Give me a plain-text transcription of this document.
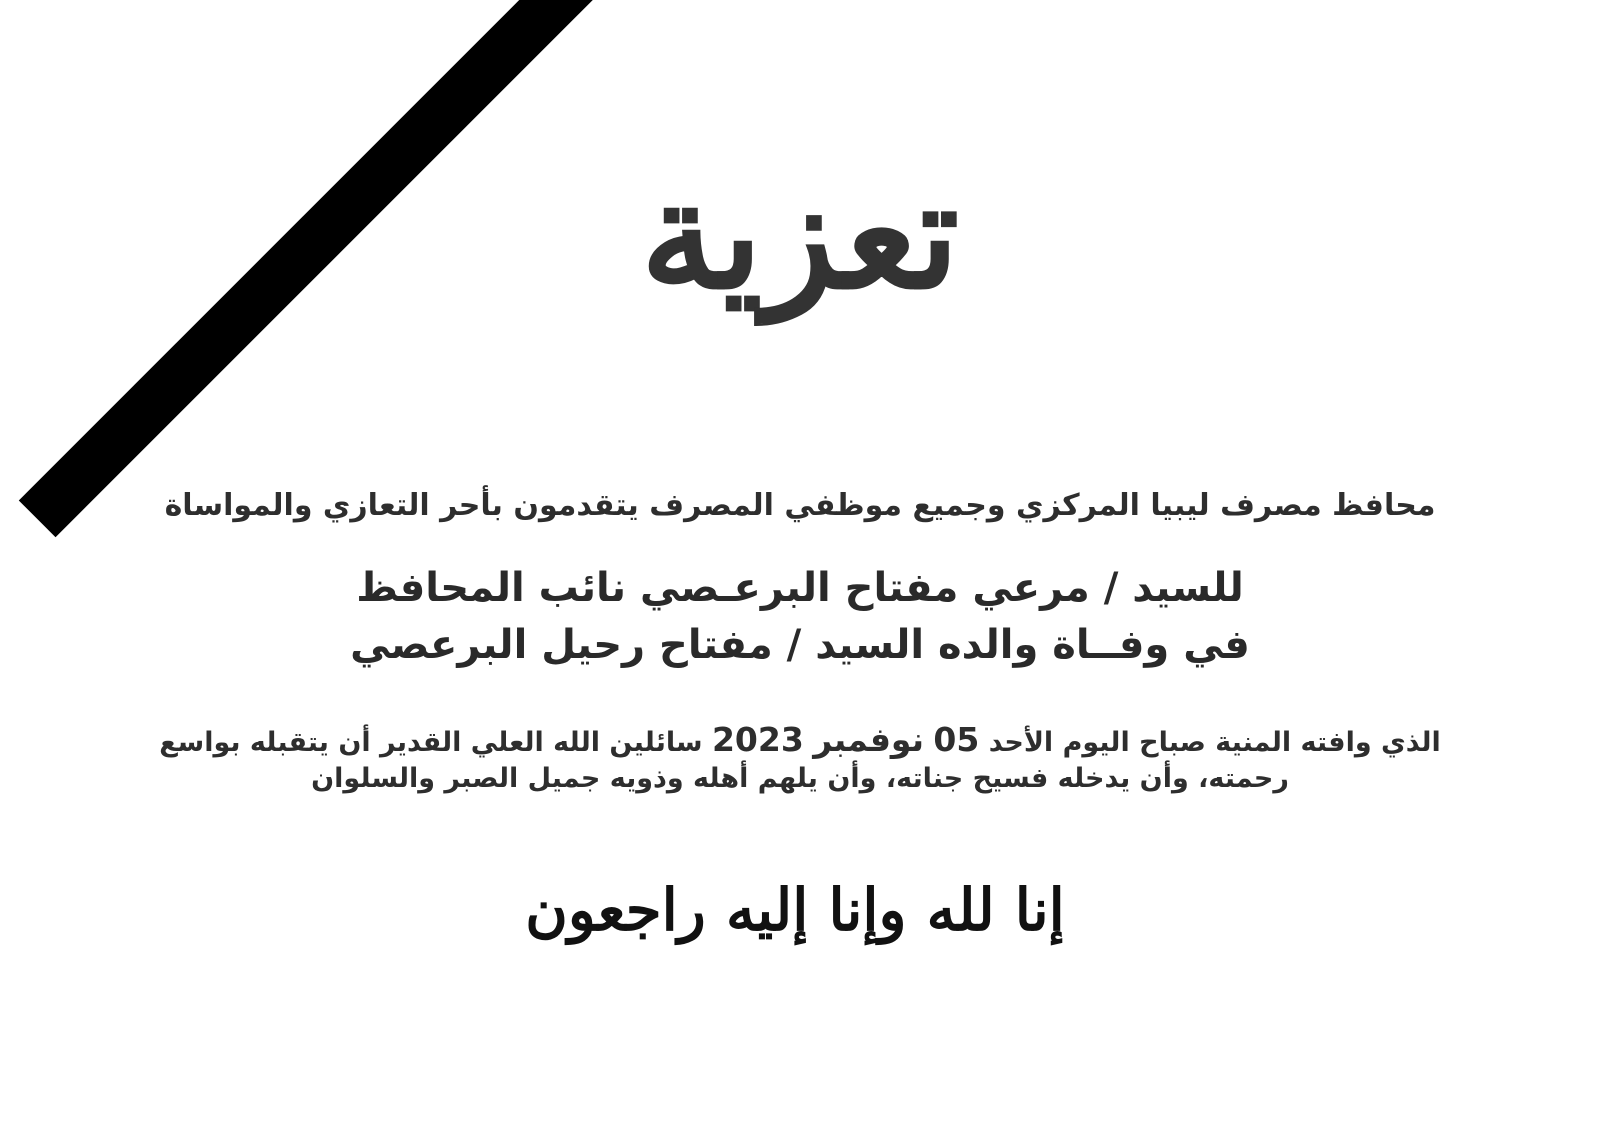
تعزية
محافظ مصرف ليبيا المركزي وجميع موظفي المصرف يتقدمون بأحر التعازي والمواساة
للسيد / مرعي مفتاح البرعـصي نائب المحافظ
في وفــاة والده السيد / مفتاح رحيل البرعصي
الذي وافته المنية صباح اليوم الأحد 05 نوفمبر 2023 سائلين الله العلي القدير أن يتقبله بواسع
رحمته، وأن يدخله فسيح جناته، وأن يلهم أهله وذويه جميل الصبر والسلوان
إنا لله وإنا إليه راجعون
